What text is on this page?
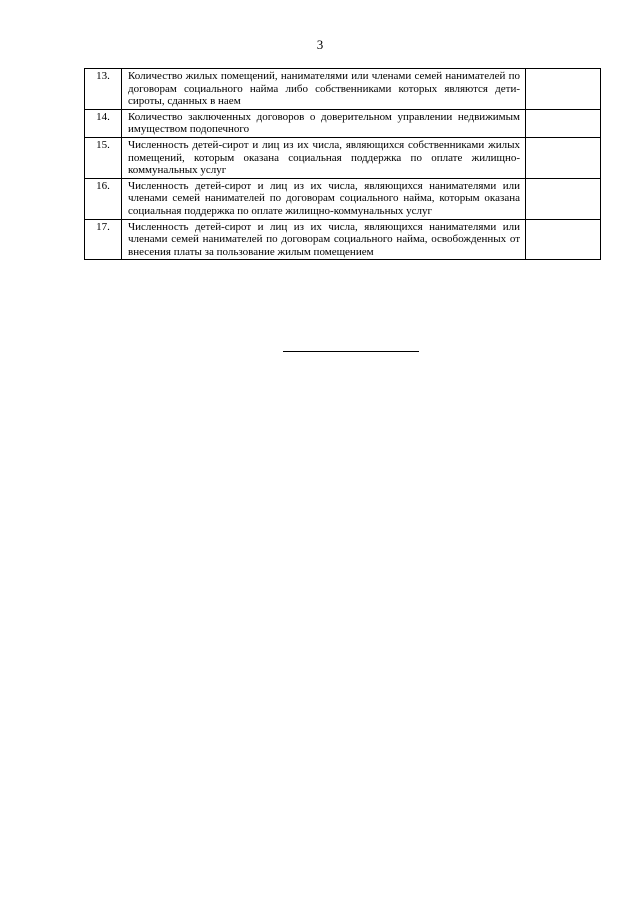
3
13.	Количество жилых помещений, нанимателями или членами семей нанимателей по договорам социального найма либо собственниками которых являются дети-сироты, сданных в наем	
14.	Количество заключенных договоров о доверительном управлении недвижимым имуществом подопечного	
15.	Численность детей-сирот и лиц из их числа, являющихся собственниками жилых помещений, которым оказана социальная поддержка по оплате жилищно-коммунальных услуг	
16.	Численность детей-сирот и лиц из их числа, являющихся нанимателями или членами семей нанимателей по договорам социального найма, которым оказана социальная поддержка по оплате жилищно-коммунальных услуг	
17.	Численность детей-сирот и лиц из их числа, являющихся нанимателями или членами семей нанимателей по договорам социального найма, освобожденных от внесения платы за пользование жилым помещением	
